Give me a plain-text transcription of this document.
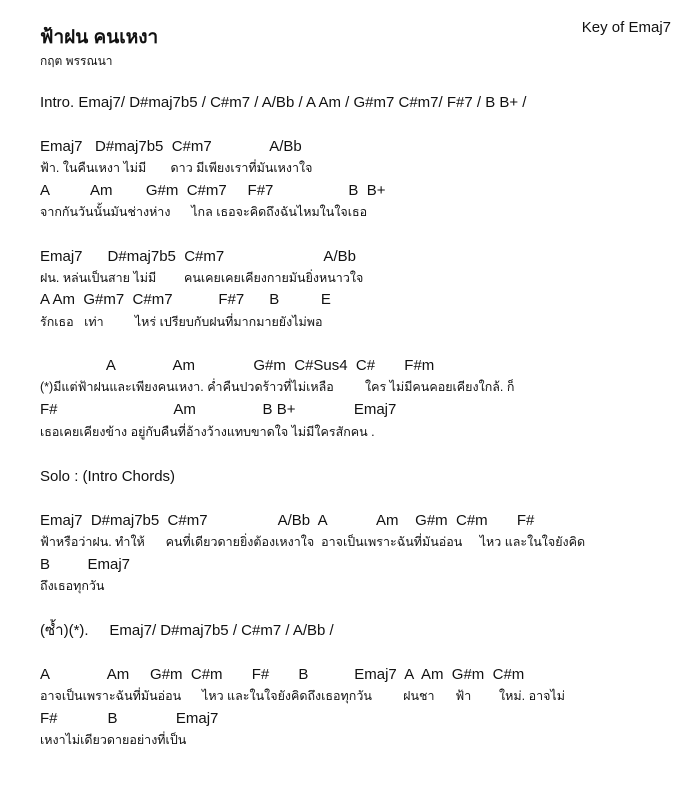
ฟ้าฝน คนเหงา
กฤต พรรณนา
Key of Emaj7
Intro. Emaj7/ D#maj7b5 / C#m7 / A/Bb / A Am / G#m7 C#m7/ F#7 / B B+ /
Emaj7   D#maj7b5  C#m7              A/Bb
ฟ้า. ในคืนเหงา ไม่มี       ดาว มีเพียงเราที่มันเหงาใจ
A          Am        G#m  C#m7     F#7                  B  B+
จากกันวันนั้นมันช่างห่าง      ไกล เธอจะคิดถึงฉันไหมในใจเธอ
Emaj7      D#maj7b5  C#m7                        A/Bb
ฝน. หล่นเป็นสาย ไม่มี        คนเคยเคยเคียงกายมันยิ่งหนาวใจ
A Am  G#m7  C#m7           F#7      B          E
รักเธอ   เท่า         ไหร่ เปรียบกับฝนที่มากมายยังไม่พอ
A              Am              G#m  C#Sus4  C#       F#m
(*)มีแต่ฟ้าฝนและเพียงคนเหงา. ค่ำคืนปวดร้าวที่ไม่เหลือ         ใคร ไม่มีคนคอยเคียงใกล้. ก็
F#                            Am                B B+              Emaj7
เธอเคยเคียงข้าง อยู่กับคืนที่อ้างว้างแทบขาดใจ ไม่มีใครสักคน .
Solo : (Intro Chords)
Emaj7  D#maj7b5  C#m7                 A/Bb  A            Am    G#m  C#m       F#
ฟ้าหรือว่าฝน. ทำให้      คนที่เดียวดายยิ่งต้องเหงาใจ  อาจเป็นเพราะฉันที่มันอ่อน     ไหว และในใจยังคิด
B         Emaj7
ถึงเธอทุกวัน
(ซ้ำ)(*).     Emaj7/ D#maj7b5 / C#m7 / A/Bb /
A              Am     G#m  C#m       F#       B           Emaj7  A  Am  G#m  C#m
อาจเป็นเพราะฉันที่มันอ่อน      ไหว และในใจยังคิดถึงเธอทุกวัน         ฝนชา      ฟ้า        ใหม่. อาจไม่
F#            B              Emaj7
เหงาไม่เดียวดายอย่างที่เป็น
